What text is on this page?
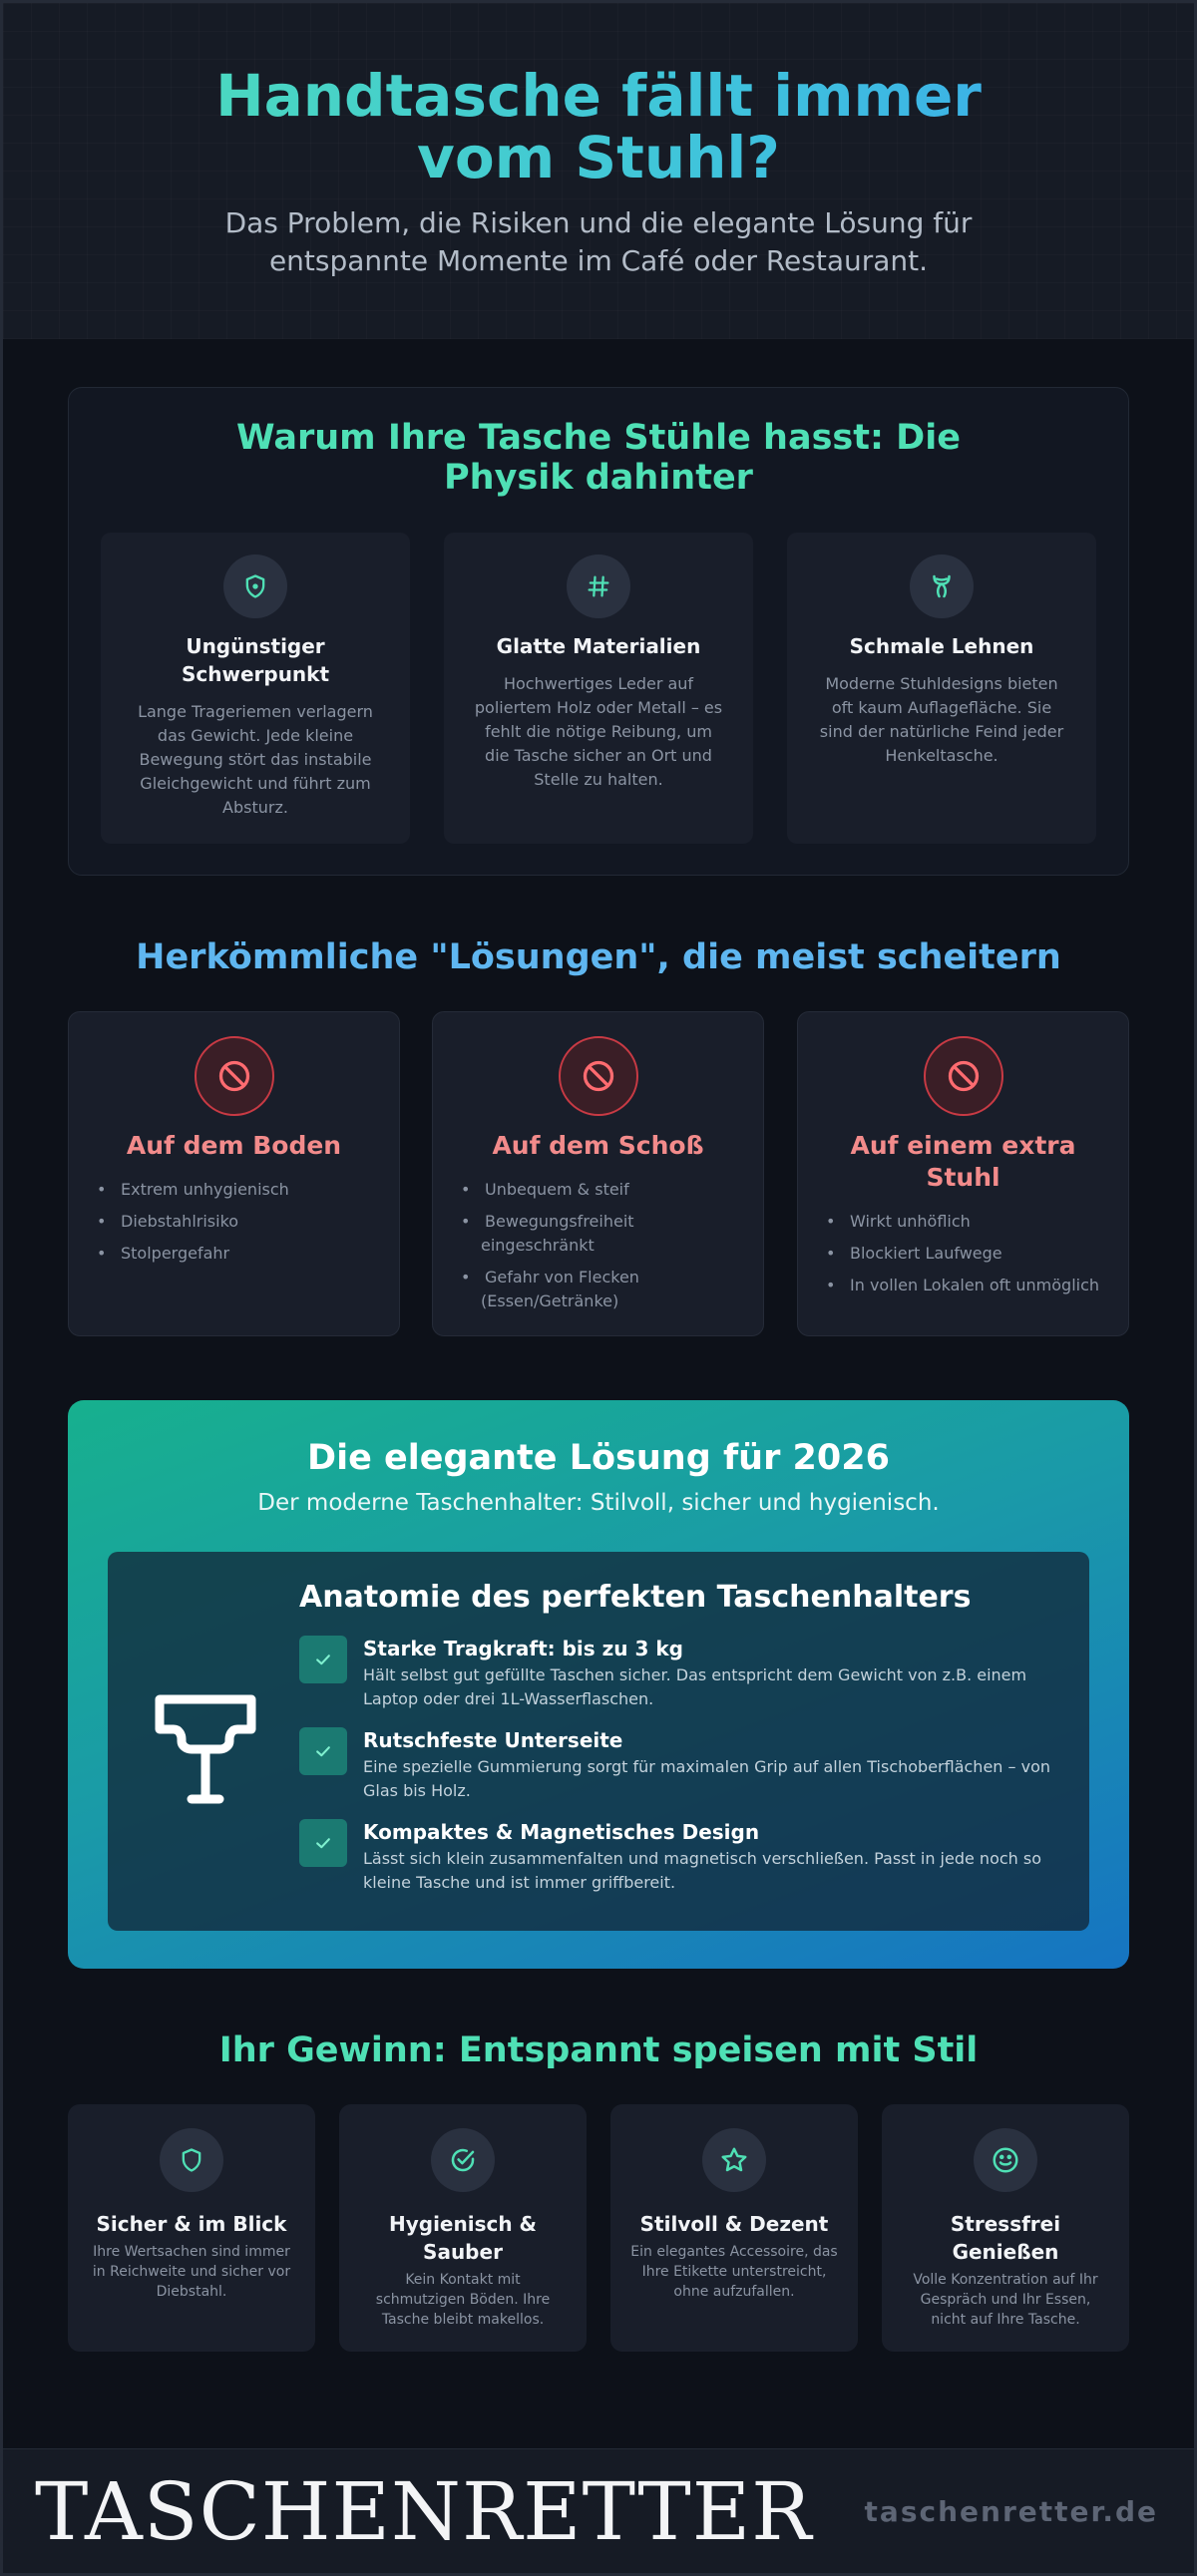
Handtasche fällt immer vom Stuhl?

Das Problem, die Risiken und die elegante Lösung für entspannte Momente im Café oder Restaurant.

Warum Ihre Tasche Stühle hasst: Die Physik dahinter
Ungünstiger Schwerpunkt
Lange Trageriemen verlagern das Gewicht. Jede kleine Bewegung stört das instabile Gleichgewicht und führt zum Absturz.
Glatte Materialien
Hochwertiges Leder auf poliertem Holz oder Metall – es fehlt die nötige Reibung, um die Tasche sicher an Ort und Stelle zu halten.
Schmale Lehnen
Moderne Stuhldesigns bieten oft kaum Auflagefläche. Sie sind der natürliche Feind jeder Henkeltasche.
Herkömmliche "Lösungen", die meist scheitern
Auf dem Boden
• Extrem unhygienisch
• Diebstahlrisiko
• Stolpergefahr
Auf dem Schoß
• Unbequem & steif
• Bewegungsfreiheit eingeschränkt
• Gefahr von Flecken (Essen/Getränke)
Auf einem extra Stuhl
• Wirkt unhöflich
• Blockiert Laufwege
• In vollen Lokalen oft unmöglich
Die elegante Lösung für 2026

Der moderne Taschenhalter: Stilvoll, sicher und hygienisch.

Anatomie des perfekten Taschenhalters
Starke Tragkraft: bis zu 3 kg
Hält selbst gut gefüllte Taschen sicher. Das entspricht dem Gewicht von z.B. einem Laptop oder drei 1L-Wasserflaschen.
Rutschfeste Unterseite
Eine spezielle Gummierung sorgt für maximalen Grip auf allen Tischoberflächen – von Glas bis Holz.
Kompaktes & Magnetisches Design
Lässt sich klein zusammenfalten und magnetisch verschließen. Passt in jede noch so kleine Tasche und ist immer griffbereit.
Ihr Gewinn: Entspannt speisen mit Stil
Sicher & im Blick
Ihre Wertsachen sind immer in Reichweite und sicher vor Diebstahl.
Hygienisch & Sauber
Kein Kontakt mit schmutzigen Böden. Ihre Tasche bleibt makellos.
Stilvoll & Dezent
Ein elegantes Accessoire, das Ihre Etikette unterstreicht, ohne aufzufallen.
Stressfrei Genießen
Volle Konzentration auf Ihr Gespräch und Ihr Essen, nicht auf Ihre Tasche.
TASCHENRETTER taschenretter.de
